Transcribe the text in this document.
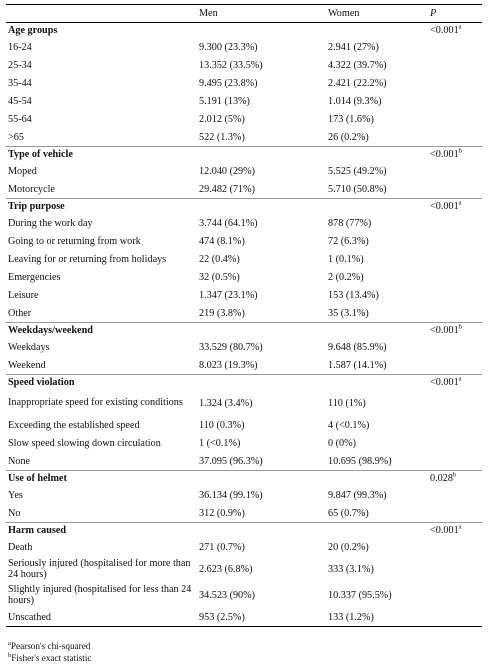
	Men	Women	P
Age groups			<0.001$^a$
16-24	9.300 (23.3%)	2.941 (27%)	
25-34	13.352 (33.5%)	4.322 (39.7%)	
35-44	9.495 (23.8%)	2.421 (22.2%)	
45-54	5.191 (13%)	1.014 (9.3%)	
55-64	2.012 (5%)	173 (1.6%)	
>65	522 (1.3%)	26 (0.2%)	
Type of vehicle			<0.001$^b$
Moped	12.040 (29%)	5.525 (49.2%)	
Motorcycle	29.482 (71%)	5.710 (50.8%)	
Trip purpose			<0.001$^a$
During the work day	3.744 (64.1%)	878 (77%)	
Going to or returning from work	474 (8.1%)	72 (6.3%)	
Leaving for or returning from holidays	22 (0.4%)	1 (0.1%)	
Emergencies	32 (0.5%)	2 (0.2%)	
Leisure	1.347 (23.1%)	153 (13.4%)	
Other	219 (3.8%)	35 (3.1%)	
Weekdays/weekend			<0.001$^b$
Weekdays	33.529 (80.7%)	9.648 (85.9%)	
Weekend	8.023 (19.3%)	1.587 (14.1%)	
Speed violation			<0.001$^a$
Inappropriate speed for existing conditions	1.324 (3.4%)	110 (1%)	
Exceeding the established speed	110 (0.3%)	4 (<0.1%)	
Slow speed slowing down circulation	1 (<0.1%)	0 (0%)	
None	37.095 (96.3%)	10.695 (98.9%)	
Use of helmet			0.028$^b$
Yes	36.134 (99.1%)	9.847 (99.3%)	
No	312 (0.9%)	65 (0.7%)	
Harm caused			<0.001$^a$
Death	271 (0.7%)	20 (0.2%)	
Seriously injured (hospitalised for more than 24 hours)	2.623 (6.8%)	333 (3.1%)	
Slightly injured (hospitalised for less than 24 hours)	34.523 (90%)	10.337 (95.5%)	
Unscathed	953 (2.5%)	133 (1.2%)	
$^a$Pearson's chi-squared
$^b$Fisher's exact statistic
